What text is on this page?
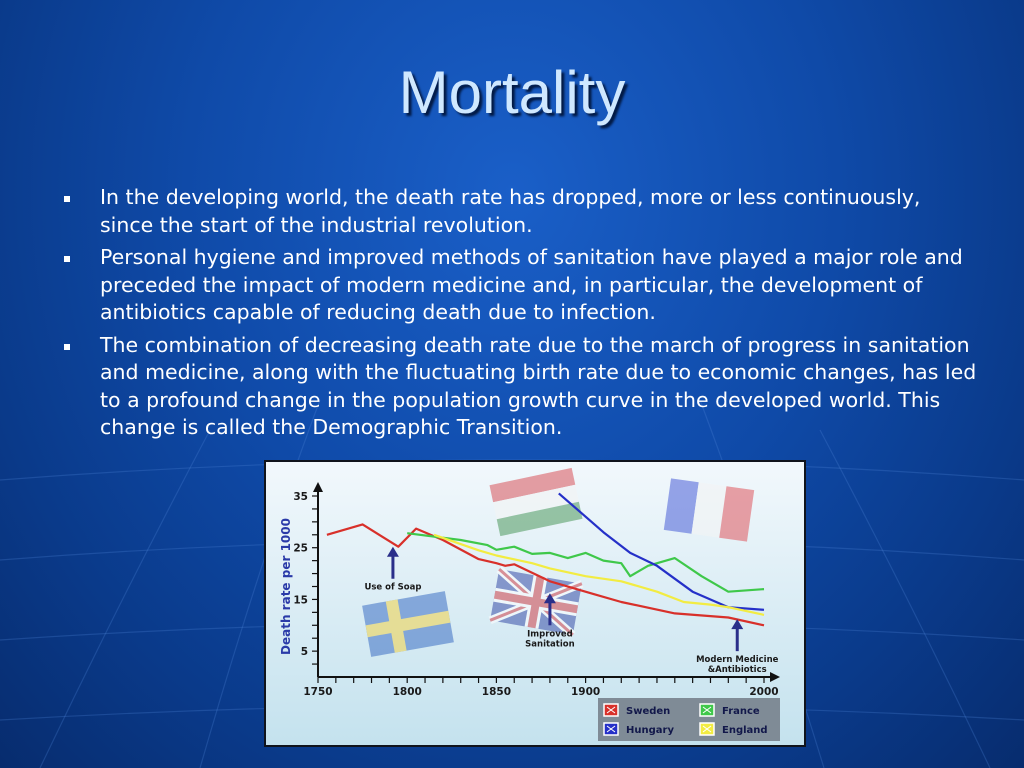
Mortality
In the developing world, the death rate has dropped, more or less continuously, since the start of the industrial revolution.
Personal hygiene and improved methods of sanitation have played a major role and preceded the impact of modern medicine and, in particular, the development of antibiotics capable of reducing death due to infection.
The combination of decreasing death rate due to the march of progress in sanitation and medicine, along with the fluctuating birth rate due to economic changes, has led to a profound change in the population growth curve in the developed world. This change is called the Demographic Transition.
1750	1800	1850	1900	2000
5
15
25
35
Death rate per 1000	Use of Soap
Improved
Sanitation
Modern Medicine
&Antibiotics
Sweden	France
Hungary	England
